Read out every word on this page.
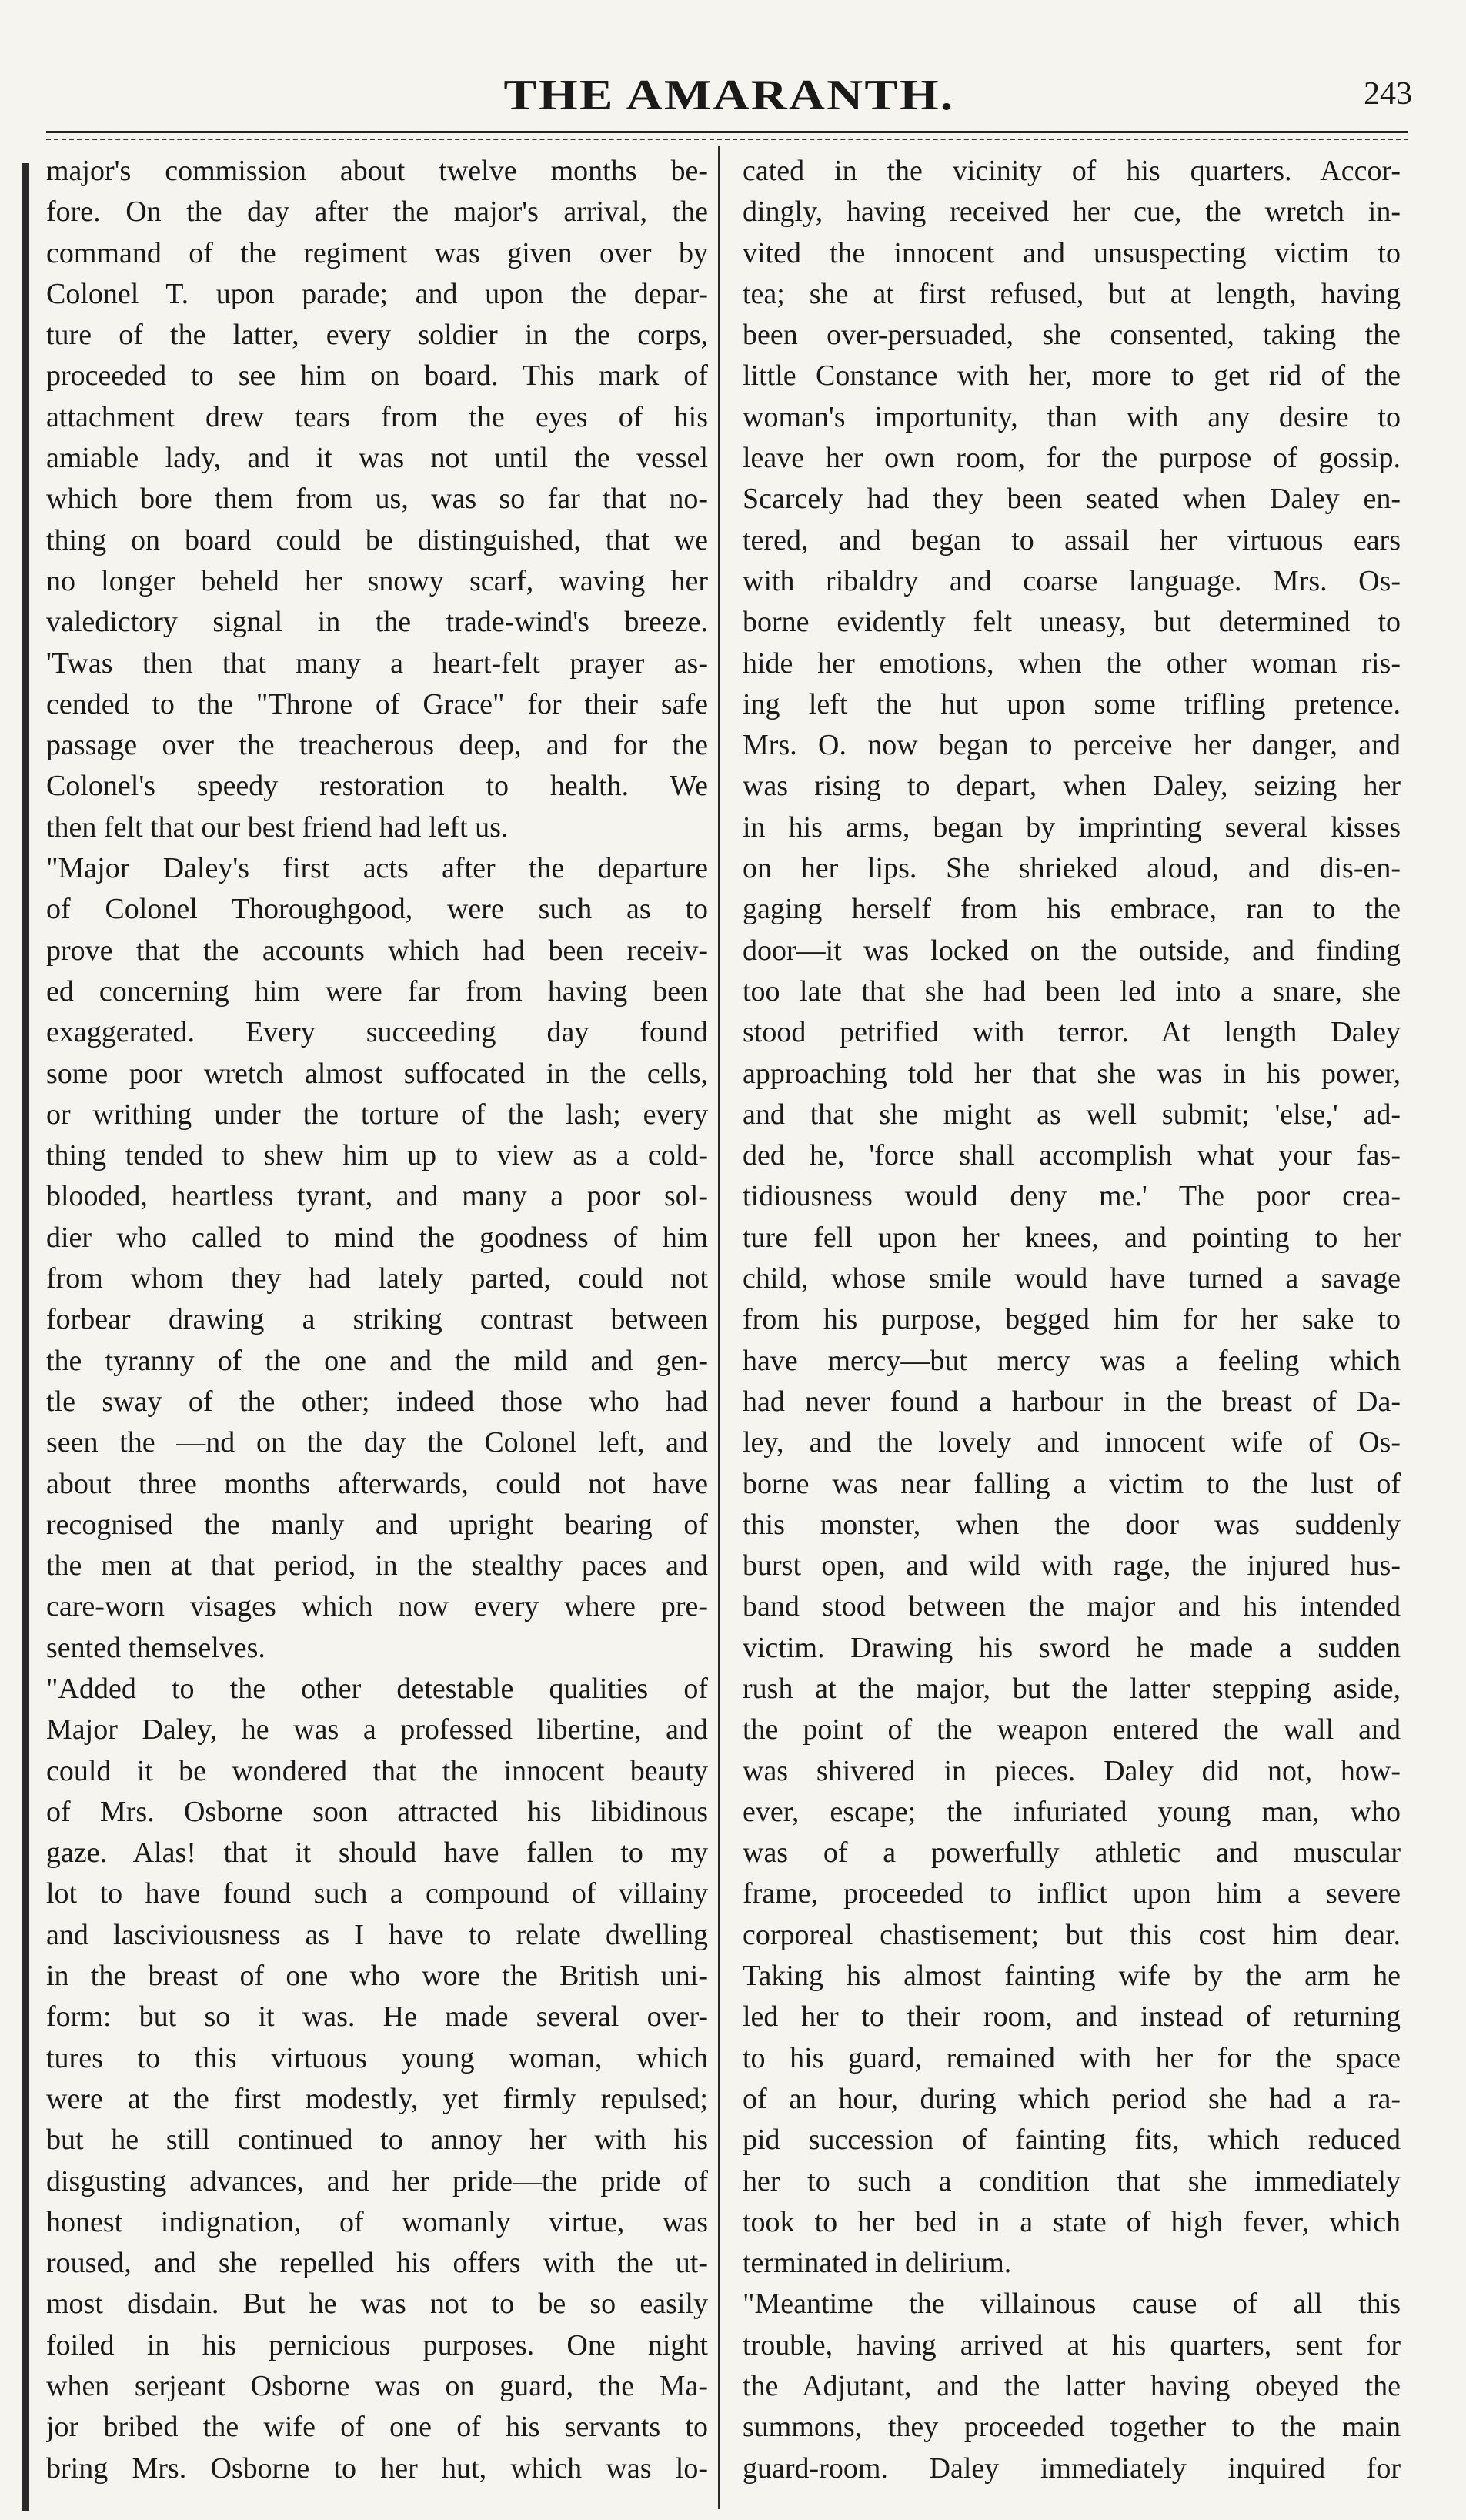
THE AMARANTH.	243
major's commission about twelve months be-
fore. On the day after the major's arrival, the
command of the regiment was given over by
Colonel T. upon parade; and upon the depar-
ture of the latter, every soldier in the corps,
proceeded to see him on board. This mark of
attachment drew tears from the eyes of his
amiable lady, and it was not until the vessel
which bore them from us, was so far that no-
thing on board could be distinguished, that we
no longer beheld her snowy scarf, waving her
valedictory signal in the trade-wind's breeze.
'Twas then that many a heart-felt prayer as-
cended to the "Throne of Grace" for their safe
passage over the treacherous deep, and for the
Colonel's speedy restoration to health. We
then felt that our best friend had left us.
"Major Daley's first acts after the departure
of Colonel Thoroughgood, were such as to
prove that the accounts which had been receiv-
ed concerning him were far from having been
exaggerated. Every succeeding day found
some poor wretch almost suffocated in the cells,
or writhing under the torture of the lash; every
thing tended to shew him up to view as a cold-
blooded, heartless tyrant, and many a poor sol-
dier who called to mind the goodness of him
from whom they had lately parted, could not
forbear drawing a striking contrast between
the tyranny of the one and the mild and gen-
tle sway of the other; indeed those who had
seen the —nd on the day the Colonel left, and
about three months afterwards, could not have
recognised the manly and upright bearing of
the men at that period, in the stealthy paces and
care-worn visages which now every where pre-
sented themselves.
"Added to the other detestable qualities of
Major Daley, he was a professed libertine, and
could it be wondered that the innocent beauty
of Mrs. Osborne soon attracted his libidinous
gaze. Alas! that it should have fallen to my
lot to have found such a compound of villainy
and lasciviousness as I have to relate dwelling
in the breast of one who wore the British uni-
form: but so it was. He made several over-
tures to this virtuous young woman, which
were at the first modestly, yet firmly repulsed;
but he still continued to annoy her with his
disgusting advances, and her pride—the pride of
honest indignation, of womanly virtue, was
roused, and she repelled his offers with the ut-
most disdain. But he was not to be so easily
foiled in his pernicious purposes. One night
when serjeant Osborne was on guard, the Ma-
jor bribed the wife of one of his servants to
bring Mrs. Osborne to her hut, which was lo-
cated in the vicinity of his quarters. Accor-
dingly, having received her cue, the wretch in-
vited the innocent and unsuspecting victim to
tea; she at first refused, but at length, having
been over-persuaded, she consented, taking the
little Constance with her, more to get rid of the
woman's importunity, than with any desire to
leave her own room, for the purpose of gossip.
Scarcely had they been seated when Daley en-
tered, and began to assail her virtuous ears
with ribaldry and coarse language. Mrs. Os-
borne evidently felt uneasy, but determined to
hide her emotions, when the other woman ris-
ing left the hut upon some trifling pretence.
Mrs. O. now began to perceive her danger, and
was rising to depart, when Daley, seizing her
in his arms, began by imprinting several kisses
on her lips. She shrieked aloud, and dis-en-
gaging herself from his embrace, ran to the
door—it was locked on the outside, and finding
too late that she had been led into a snare, she
stood petrified with terror. At length Daley
approaching told her that she was in his power,
and that she might as well submit; 'else,' ad-
ded he, 'force shall accomplish what your fas-
tidiousness would deny me.' The poor crea-
ture fell upon her knees, and pointing to her
child, whose smile would have turned a savage
from his purpose, begged him for her sake to
have mercy—but mercy was a feeling which
had never found a harbour in the breast of Da-
ley, and the lovely and innocent wife of Os-
borne was near falling a victim to the lust of
this monster, when the door was suddenly
burst open, and wild with rage, the injured hus-
band stood between the major and his intended
victim. Drawing his sword he made a sudden
rush at the major, but the latter stepping aside,
the point of the weapon entered the wall and
was shivered in pieces. Daley did not, how-
ever, escape; the infuriated young man, who
was of a powerfully athletic and muscular
frame, proceeded to inflict upon him a severe
corporeal chastisement; but this cost him dear.
Taking his almost fainting wife by the arm he
led her to their room, and instead of returning
to his guard, remained with her for the space
of an hour, during which period she had a ra-
pid succession of fainting fits, which reduced
her to such a condition that she immediately
took to her bed in a state of high fever, which
terminated in delirium.
"Meantime the villainous cause of all this
trouble, having arrived at his quarters, sent for
the Adjutant, and the latter having obeyed the
summons, they proceeded together to the main
guard-room. Daley immediately inquired for
